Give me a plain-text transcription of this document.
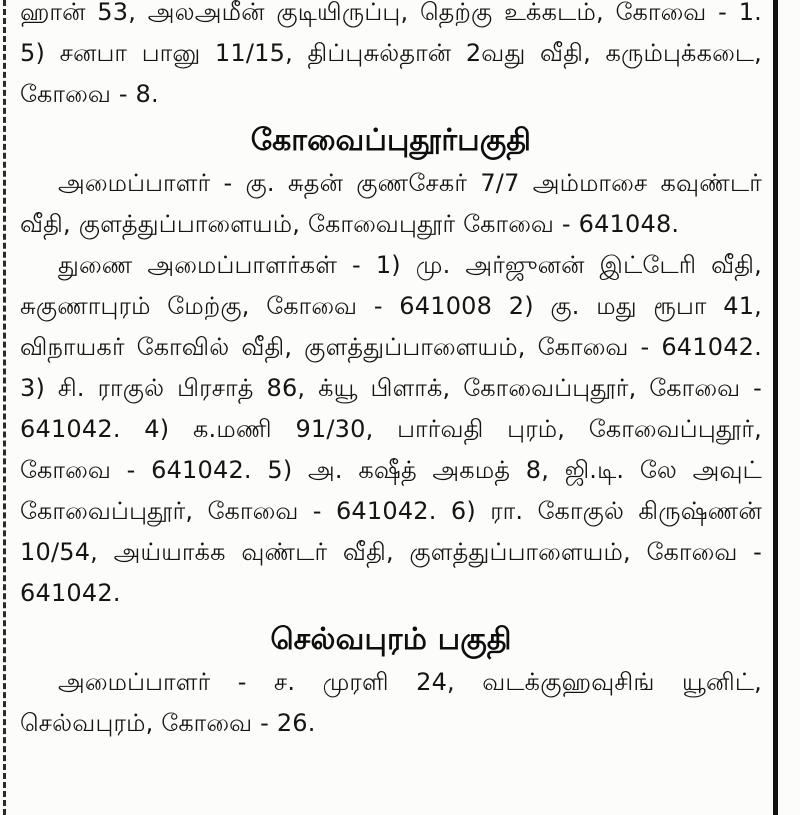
ஹான் 53, அலஅமீன் குடியிருப்பு, தெற்கு உக்கடம், கோவை - 1. 5) சனபா பானு 11/15, திப்புசுல்தான் 2வது வீதி, கரும்புக்கடை, கோவை - 8.

கோவைப்புதூர்பகுதி

அமைப்பாளர் - கு. சுதன் குணசேகர் 7/7 அம்மாசை கவுண்டர் வீதி, குளத்துப்பாளையம், கோவைபுதூர் கோவை - 641048.

துணை அமைப்பாளர்கள் - 1) மு. அர்ஜுனன் இட்டேரி வீதி, சுகுணாபுரம் மேற்கு, கோவை - 641008 2) கு. மது ரூபா 41, விநாயகர் கோவில் வீதி, குளத்துப்பாளையம், கோவை - 641042. 3) சி. ராகுல் பிரசாத் 86, க்யூ பிளாக், கோவைப்புதூர், கோவை - 641042. 4) க.மணி 91/30, பார்வதி புரம், கோவைப்புதூர், கோவை - 641042. 5) அ. கஷீத் அகமத் 8, ஜி.டி. லே அவுட் கோவைப்புதூர், கோவை - 641042. 6) ரா. கோகுல் கிருஷ்ணன் 10/54, அய்யாக்க வுண்டர் வீதி, குளத்துப்பாளையம், கோவை - 641042.

செல்வபுரம் பகுதி

அமைப்பாளர் - ச. முரளி 24, வடக்குஹவுசிங் யூனிட், செல்வபுரம், கோவை - 26.
